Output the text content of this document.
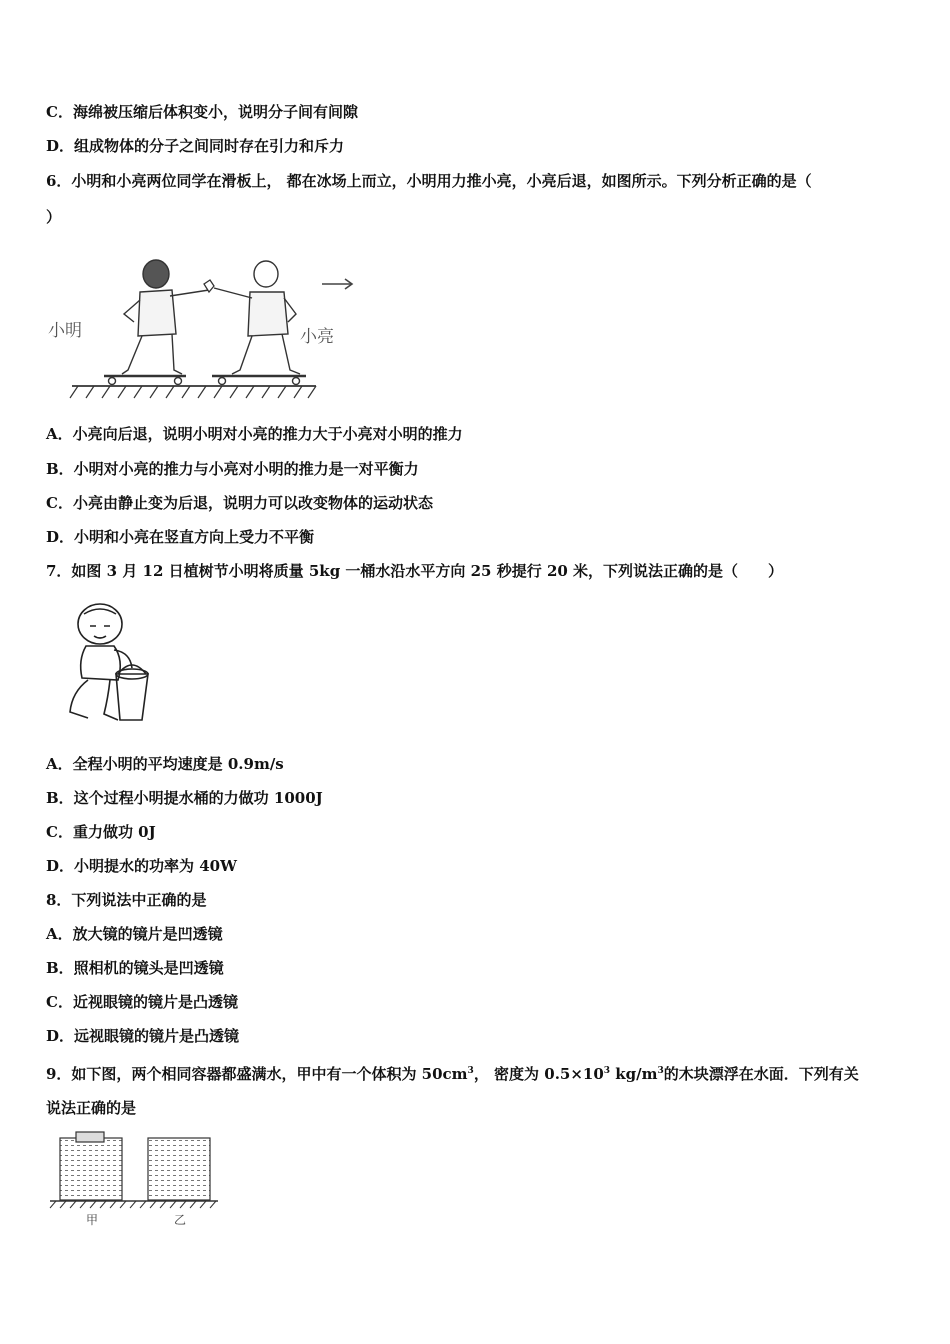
C．海绵被压缩后体积变小，说明分子间有间隙
D．组成物体的分子之间同时存在引力和斥力
6．小明和小亮两位同学在滑板上， 都在冰场上而立，小明用力推小亮，小亮后退，如图所示。下列分析正确的是（
）
小明	小亮
A．小亮向后退，说明小明对小亮的推力大于小亮对小明的推力
B．小明对小亮的推力与小亮对小明的推力是一对平衡力
C．小亮由静止变为后退，说明力可以改变物体的运动状态
D．小明和小亮在竖直方向上受力不平衡
7．如图 3 月 12 日植树节小明将质量 5kg 一桶水沿水平方向 25 秒提行 20 米，下列说法正确的是（　　）
A．全程小明的平均速度是 0.9m/s
B．这个过程小明提水桶的力做功 1000J
C．重力做功 0J
D．小明提水的功率为 40W
8．下列说法中正确的是
A．放大镜的镜片是凹透镜
B．照相机的镜头是凹透镜
C．近视眼镜的镜片是凸透镜
D．远视眼镜的镜片是凸透镜
9．如下图，两个相同容器都盛满水，甲中有一个体积为 $50cm^3$， 密度为 $0.5\times 10^3$ $kg/m^3$的木块漂浮在水面．下列有关
说法正确的是
甲	乙
